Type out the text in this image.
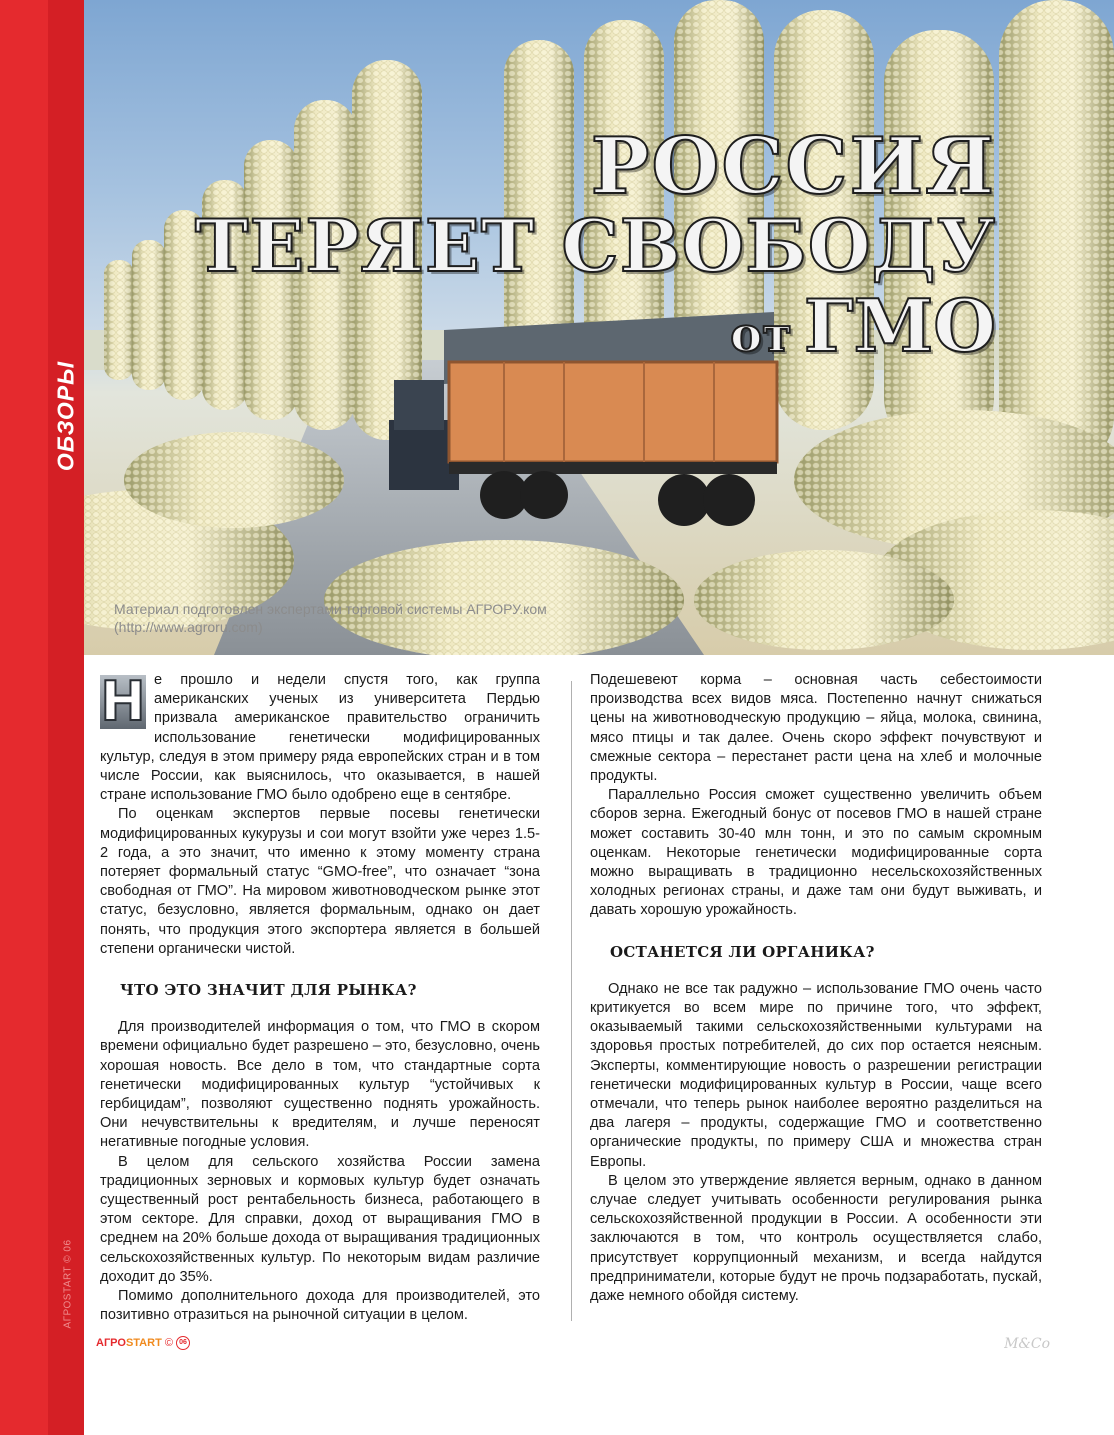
ОБЗОРЫ
АГРОSTART © 06
РОССИЯ
ТЕРЯЕТ СВОБОДУ
от ГМО
Материал подготовлен экспертами торговой системы АГРОРУ.ком
(http://www.agroru.com)

Н е прошло и недели спустя того, как группа американских ученых из университета Пердью призвала американское правительство ограничить использование генетически модифицированных культур, следуя в этом примеру ряда европейских стран и в том числе России, как выяснилось, что оказывается, в нашей стране использование ГМО было одобрено еще в сентябре.

По оценкам экспертов первые посевы генетически модифицированных кукурузы и сои могут взойти уже через 1.5-2 года, а это значит, что именно к этому моменту страна потеряет формальный статус “GMO-free”, что означает “зона свободная от ГМО”. На мировом животноводческом рынке этот статус, безусловно, является формальным, однако он дает понять, что продукция этого экспортера является в большей степени органически чистой.

ЧТО ЭТО ЗНАЧИТ ДЛЯ РЫНКА?

Для производителей информация о том, что ГМО в скором времени официально будет разрешено – это, безусловно, очень хорошая новость. Все дело в том, что стандартные сорта генетически модифицированных культур “устойчивых к гербицидам”, позволяют существенно поднять урожайность. Они нечувствительны к вредителям, и лучше переносят негативные погодные условия.

В целом для сельского хозяйства России замена традиционных зерновых и кормовых культур будет означать существенный рост рентабельность бизнеса, работающего в этом секторе. Для справки, доход от выращивания ГМО в среднем на 20% больше дохода от выращивания традиционных сельскохозяйственных культур. По некоторым видам различие доходит до 35%.

Помимо дополнительного дохода для производителей, это позитивно отразиться на рыночной ситуации в целом.

Подешевеют корма – основная часть себестоимости производства всех видов мяса. Постепенно начнут снижаться цены на животноводческую продукцию – яйца, молока, свинина, мясо птицы и так далее. Очень скоро эффект почувствуют и смежные сектора – перестанет расти цена на хлеб и молочные продукты.

Параллельно Россия сможет существенно увеличить объем сборов зерна. Ежегодный бонус от посевов ГМО в нашей стране может составить 30-40 млн тонн, и это по самым скромным оценкам. Некоторые генетически модифицированные сорта можно выращивать в традиционно несельскохозяйственных холодных регионах страны, и даже там они будут выживать, и давать хорошую урожайность.

ОСТАНЕТСЯ ЛИ ОРГАНИКА?

Однако не все так радужно – использование ГМО очень часто критикуется во всем мире по причине того, что эффект, оказываемый такими сельскохозяйственными культурами на здоровья простых потребителей, до сих пор остается неясным. Эксперты, комментирующие новость о разрешении регистрации генетически модифицированных культур в России, чаще всего отмечали, что теперь рынок наиболее вероятно разделиться на два лагеря – продукты, содержащие ГМО и соответственно органические продукты, по примеру США и множества стран Европы.

В целом это утверждение является верным, однако в данном случае следует учитывать особенности регулирования рынка сельскохозяйственной продукции в России. А особенности эти заключаются в том, что контроль осуществляется слабо, присутствует коррупционный механизм, и всегда найдутся предприниматели, которые будут не прочь подзаработать, пускай, даже немного обойдя систему.

АГРОSTART © 06	M&Co
